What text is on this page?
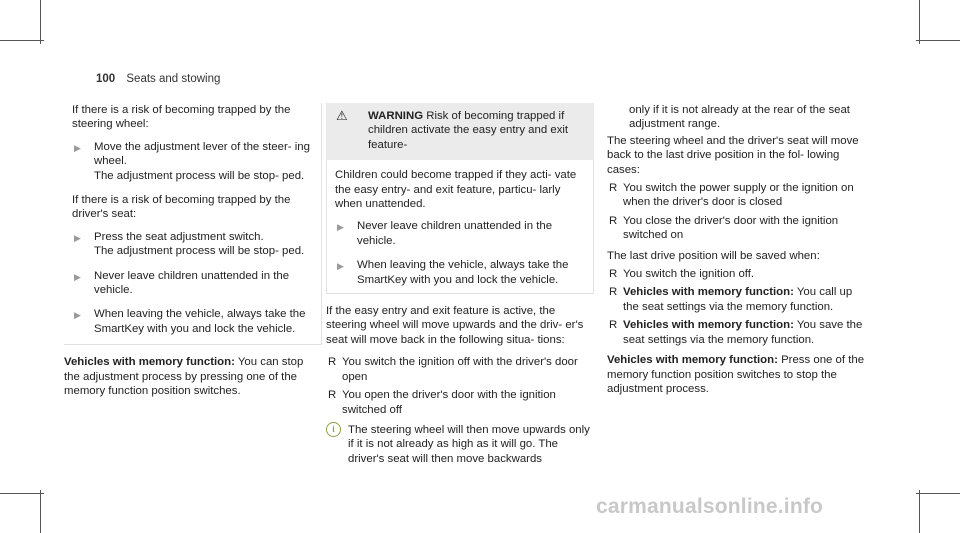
100 Seats and stowing

If there is a risk of becoming trapped by the steering wheel:

▶ Move the adjustment lever of the steer- ing wheel.
The adjustment process will be stop- ped.

If there is a risk of becoming trapped by the driver's seat:

▶ Press the seat adjustment switch.
The adjustment process will be stop- ped.
▶ Never leave children unattended in the vehicle.
▶ When leaving the vehicle, always take the SmartKey with you and lock the vehicle.

Vehicles with memory function: You can stop the adjustment process by pressing one of the memory function position switches.

⚠	WARNING Risk of becoming trapped if children activate the easy entry and exit feature-

Children could become trapped if they acti- vate the easy entry- and exit feature, particu- larly when unattended.

▶ Never leave children unattended in the vehicle.
▶ When leaving the vehicle, always take the SmartKey with you and lock the vehicle.

If the easy entry and exit feature is active, the steering wheel will move upwards and the driv- er's seat will move back in the following situa- tions:

R You switch the ignition off with the driver's door open
R You open the driver's door with the ignition switched off
i	The steering wheel will then move upwards only if it is not already as high as it will go. The driver's seat will then move backwards

only if it is not already at the rear of the seat adjustment range.

The steering wheel and the driver's seat will move back to the last drive position in the fol- lowing cases:

R You switch the power supply or the ignition on when the driver's door is closed
R You close the driver's door with the ignition switched on

The last drive position will be saved when:

R You switch the ignition off.
R Vehicles with memory function: You call up the seat settings via the memory function.
R Vehicles with memory function: You save the seat settings via the memory function.

Vehicles with memory function: Press one of the memory function position switches to stop the adjustment process.

carmanualsonline.info
